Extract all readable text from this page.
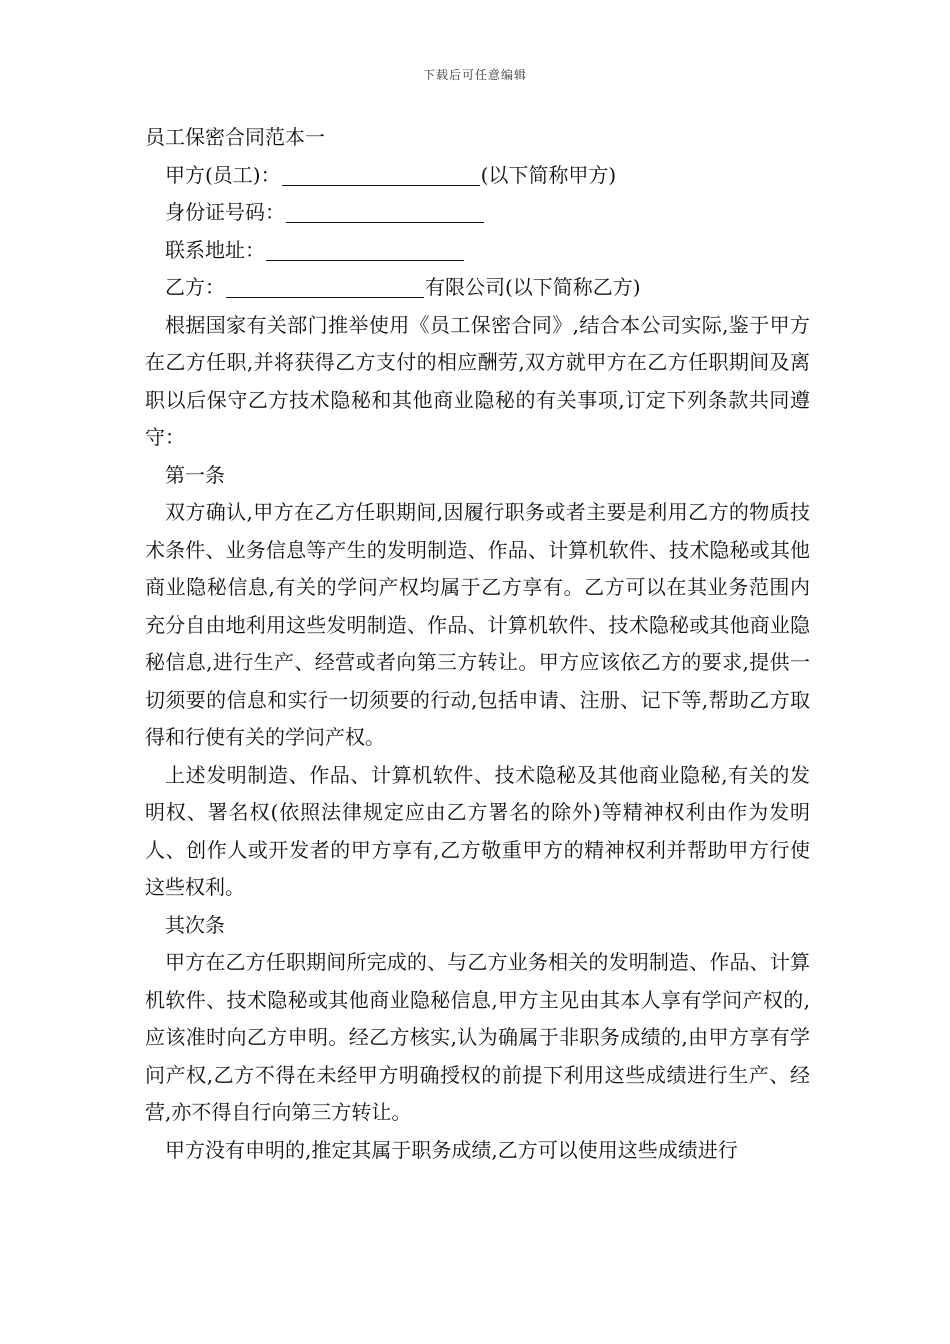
下载后可任意编辑

员工保密合同范本一

甲方(员工)：	(以下简称甲方)

身份证号码：

联系地址：

乙方：	有限公司(以下简称乙方)

根据国家有关部门推举使用《员工保密合同》,结合本公司实际,鉴于甲方在乙方任职,并将获得乙方支付的相应酬劳,双方就甲方在乙方任职期间及离职以后保守乙方技术隐秘和其他商业隐秘的有关事项,订定下列条款共同遵守：

第一条

双方确认,甲方在乙方任职期间,因履行职务或者主要是利用乙方的物质技术条件、业务信息等产生的发明制造、作品、计算机软件、技术隐秘或其他商业隐秘信息,有关的学问产权均属于乙方享有。乙方可以在其业务范围内充分自由地利用这些发明制造、作品、计算机软件、技术隐秘或其他商业隐秘信息,进行生产、经营或者向第三方转让。甲方应该依乙方的要求,提供一切须要的信息和实行一切须要的行动,包括申请、注册、记下等,帮助乙方取得和行使有关的学问产权。

上述发明制造、作品、计算机软件、技术隐秘及其他商业隐秘,有关的发明权、署名权(依照法律规定应由乙方署名的除外)等精神权利由作为发明人、创作人或开发者的甲方享有,乙方敬重甲方的精神权利并帮助甲方行使这些权利。

其次条

甲方在乙方任职期间所完成的、与乙方业务相关的发明制造、作品、计算机软件、技术隐秘或其他商业隐秘信息,甲方主见由其本人享有学问产权的,应该准时向乙方申明。经乙方核实,认为确属于非职务成绩的,由甲方享有学问产权,乙方不得在未经甲方明确授权的前提下利用这些成绩进行生产、经营,亦不得自行向第三方转让。

甲方没有申明的,推定其属于职务成绩,乙方可以使用这些成绩进行
